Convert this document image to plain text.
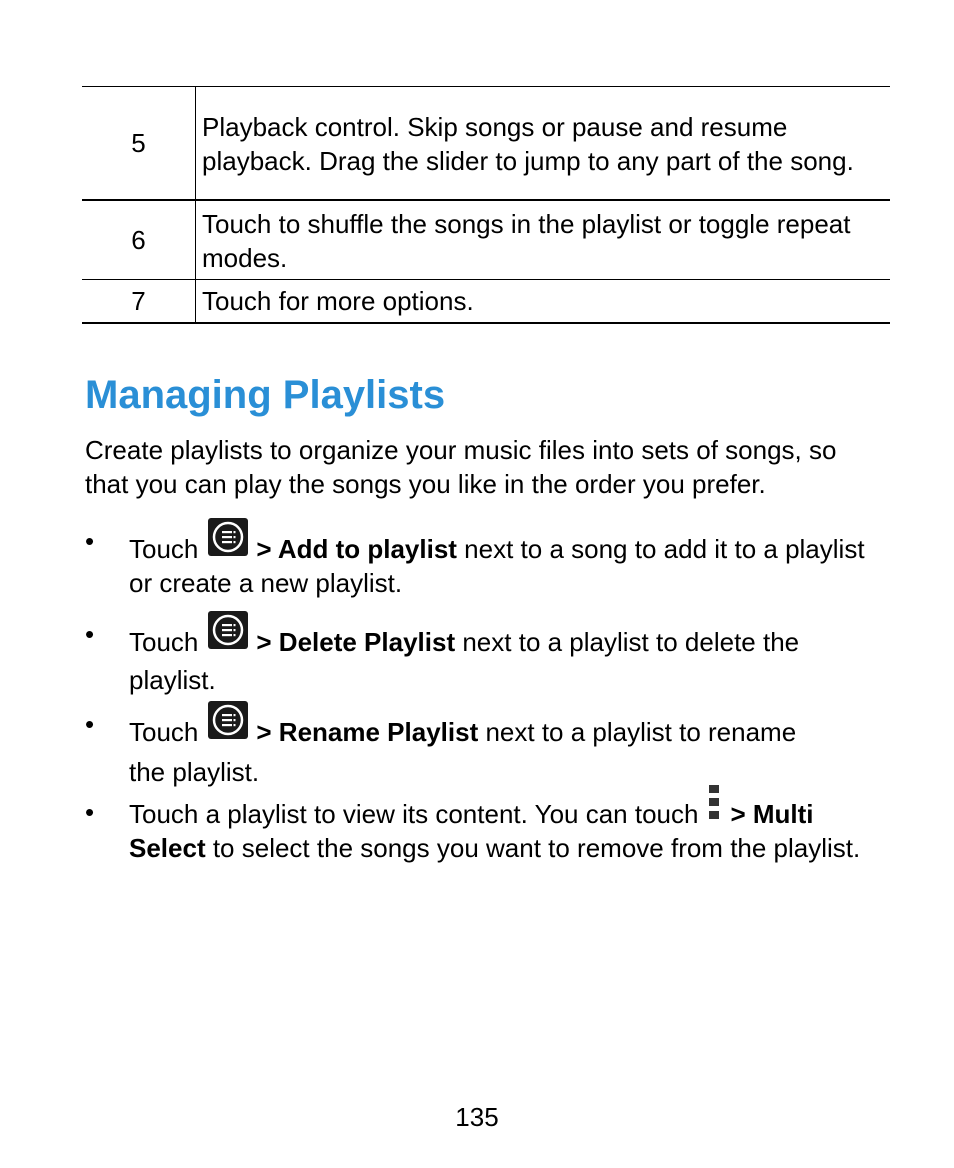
5	Playback control. Skip songs or pause and resume playback. Drag the slider to jump to any part of the song.
6	Touch to shuffle the songs in the playlist or toggle repeat modes.
7	Touch for more options.
Managing Playlists

Create playlists to organize your music files into sets of songs, so that you can play the songs you like in the order you prefer.

•	Touch > Add to playlist next to a song to add it to a playlist or create a new playlist.
•	Touch > Delete Playlist next to a playlist to delete the
playlist.
•	Touch > Rename Playlist next to a playlist to rename
the playlist.
•	Touch a playlist to view its content. You can touch > Multi Select to select the songs you want to remove from the playlist.
135
